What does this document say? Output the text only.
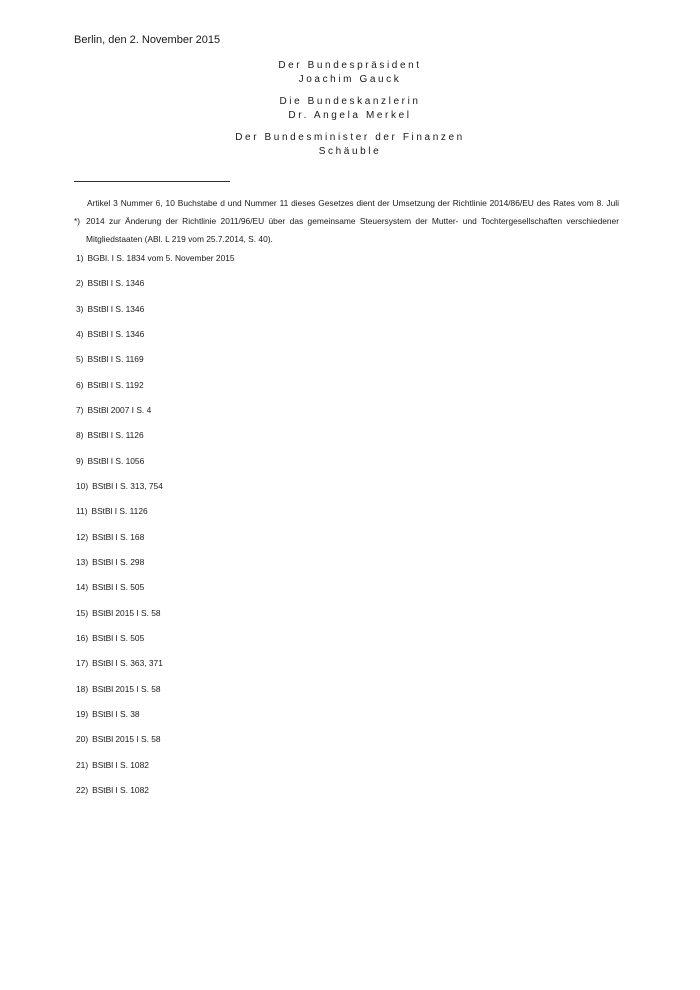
Berlin, den 2. November 2015
Der Bundespräsident
Joachim Gauck
Die Bundeskanzlerin
Dr. Angela Merkel
Der Bundesminister der Finanzen
Schäuble
*)
Artikel 3 Nummer 6, 10 Buchstabe d und Nummer 11 dieses Gesetzes dient der Umsetzung der Richtlinie 2014/86/EU des Rates vom 8. Juli 2014 zur Änderung der Richtlinie 2011/96/EU über das gemeinsame Steuersystem der Mutter- und Tochtergesellschaften verschiedener Mitgliedstaaten (ABl. L 219 vom 25.7.2014, S. 40).
1) BGBl. I S. 1834 vom 5. November 2015
2) BStBl I S. 1346
3) BStBl I S. 1346
4) BStBl I S. 1346
5) BStBl I S. 1169
6) BStBl I S. 1192
7) BStBl 2007 I S. 4
8) BStBl I S. 1126
9) BStBl I S. 1056
10) BStBl I S. 313, 754
11) BStBl I S. 1126
12) BStBl I S. 168
13) BStBl I S. 298
14) BStBl I S. 505
15) BStBl 2015 I S. 58
16) BStBl I S. 505
17) BStBl I S. 363, 371
18) BStBl 2015 I S. 58
19) BStBl I S. 38
20) BStBl 2015 I S. 58
21) BStBl I S. 1082
22) BStBl I S. 1082
